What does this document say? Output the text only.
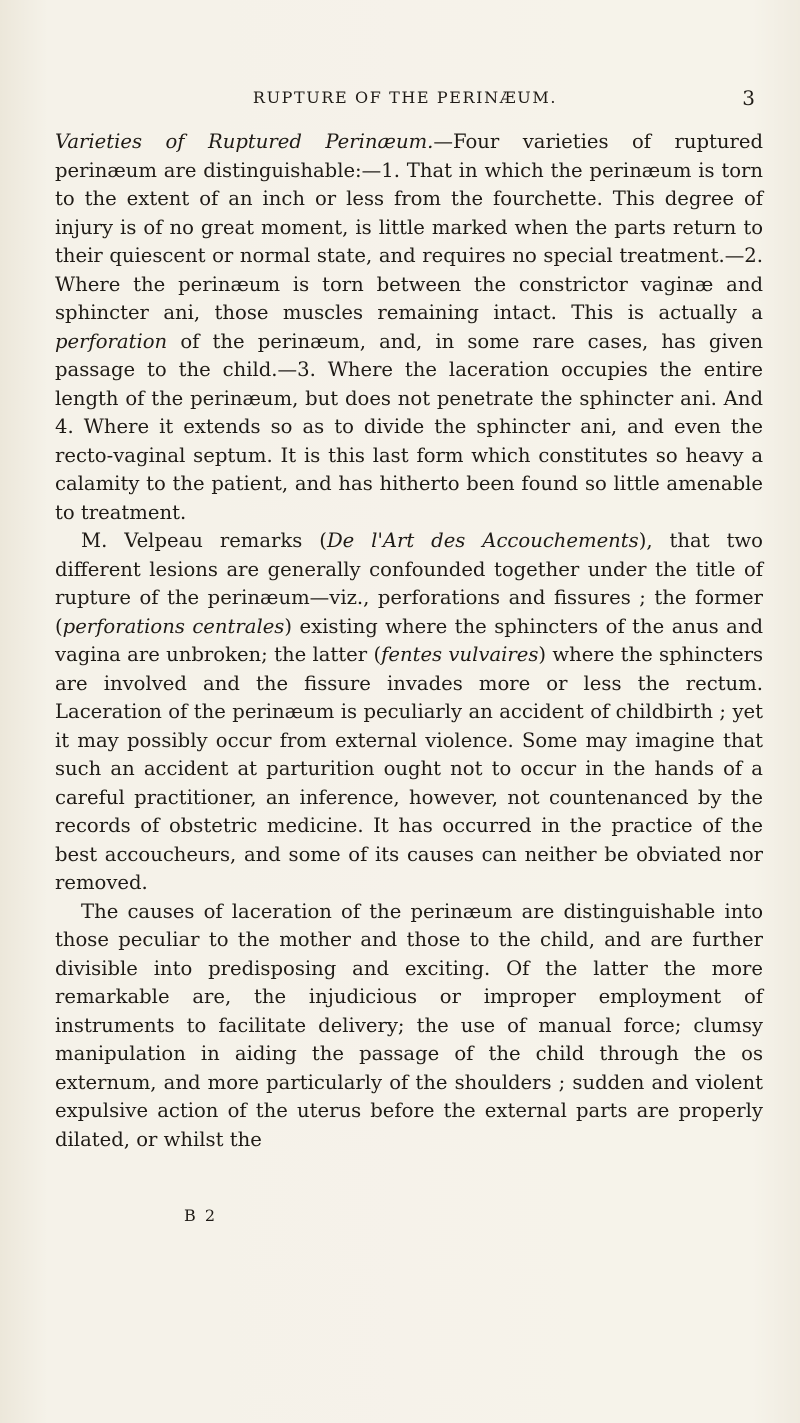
RUPTURE OF THE PERINÆUM.	3

Varieties of Ruptured Perinæum.—Four varieties of ruptured perinæum are distinguishable:—1. That in which the perinæum is torn to the extent of an inch or less from the fourchette. This degree of injury is of no great moment, is little marked when the parts return to their quiescent or normal state, and requires no special treatment.—2. Where the perinæum is torn between the constrictor vaginæ and sphincter ani, those muscles remaining intact. This is actually a perforation of the perinæum, and, in some rare cases, has given passage to the child.—3. Where the laceration occupies the entire length of the perinæum, but does not penetrate the sphincter ani. And 4. Where it extends so as to divide the sphincter ani, and even the recto-vaginal septum. It is this last form which constitutes so heavy a calamity to the patient, and has hitherto been found so little amenable to treatment.

M. Velpeau remarks (De l'Art des Accouchements), that two different lesions are generally confounded together under the title of rupture of the perinæum—viz., perforations and fissures ; the former (perforations centrales) existing where the sphincters of the anus and vagina are unbroken; the latter (fentes vulvaires) where the sphincters are involved and the fissure invades more or less the rectum. Laceration of the perinæum is peculiarly an accident of childbirth ; yet it may possibly occur from external violence. Some may imagine that such an accident at parturition ought not to occur in the hands of a careful practitioner, an inference, however, not countenanced by the records of obstetric medicine. It has occurred in the practice of the best accoucheurs, and some of its causes can neither be obviated nor removed.

The causes of laceration of the perinæum are distinguishable into those peculiar to the mother and those to the child, and are further divisible into predisposing and exciting. Of the latter the more remarkable are, the injudicious or improper employment of instruments to facilitate delivery; the use of manual force; clumsy manipulation in aiding the passage of the child through the os externum, and more particularly of the shoulders ; sudden and violent expulsive action of the uterus before the external parts are properly dilated, or whilst the

B 2
